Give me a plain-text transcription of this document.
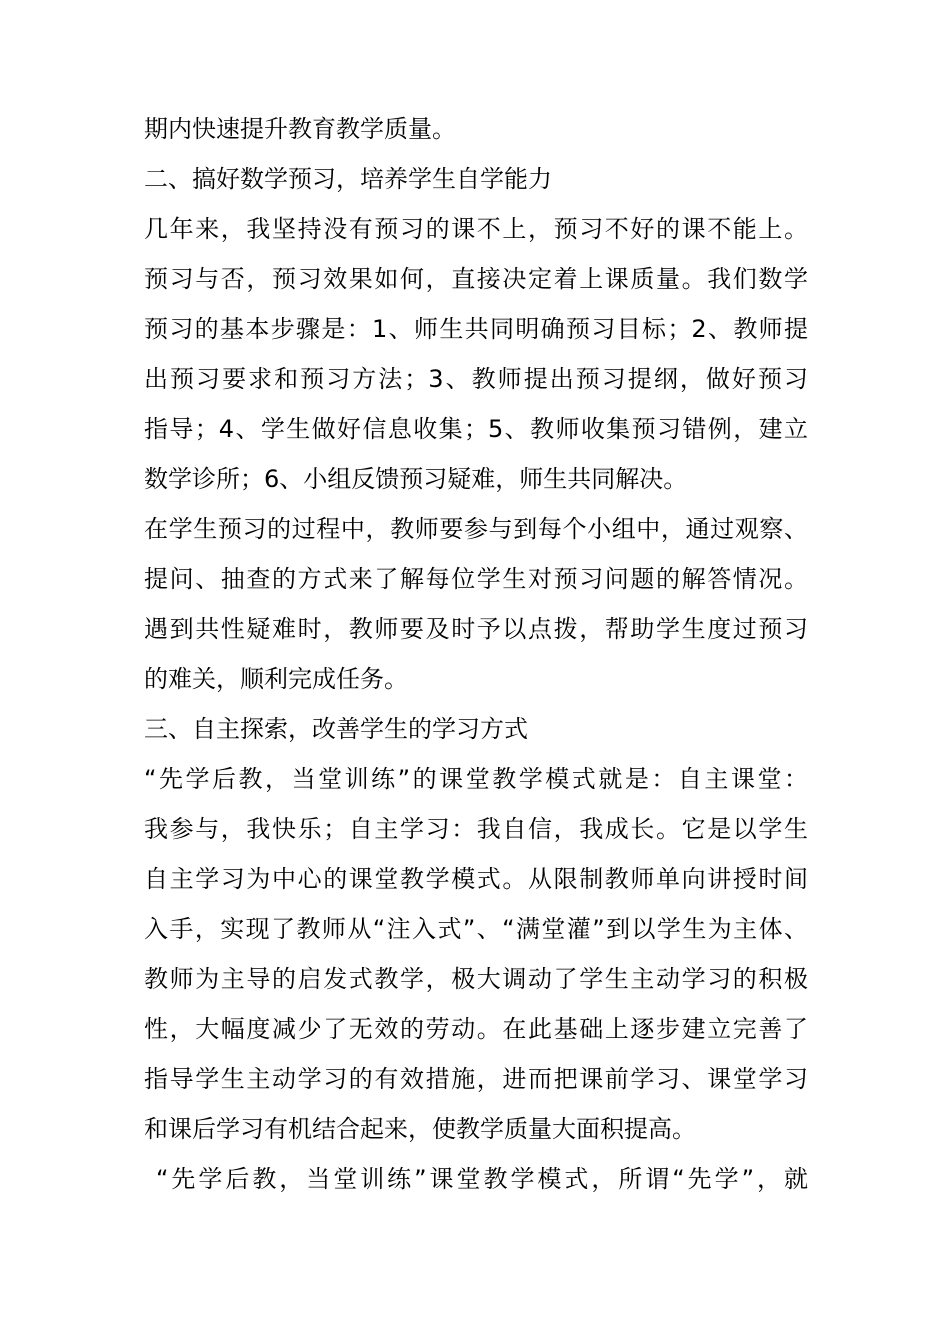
期内快速提升教育教学质量。
二、搞好数学预习，培养学生自学能力
几年来，我坚持没有预习的课不上，预习不好的课不能上。
预习与否，预习效果如何，直接决定着上课质量。我们数学
预习的基本步骤是：1、师生共同明确预习目标；2、教师提
出预习要求和预习方法；3、教师提出预习提纲，做好预习
指导；4、学生做好信息收集；5、教师收集预习错例，建立
数学诊所；6、小组反馈预习疑难，师生共同解决。
在学生预习的过程中，教师要参与到每个小组中，通过观察、
提问、抽查的方式来了解每位学生对预习问题的解答情况。
遇到共性疑难时，教师要及时予以点拨，帮助学生度过预习
的难关，顺利完成任务。
三、自主探索，改善学生的学习方式
“先学后教，当堂训练”的课堂教学模式就是：自主课堂：
我参与，我快乐；自主学习：我自信，我成长。它是以学生
自主学习为中心的课堂教学模式。从限制教师单向讲授时间
入手，实现了教师从“注入式”、“满堂灌”到以学生为主体、
教师为主导的启发式教学，极大调动了学生主动学习的积极
性，大幅度减少了无效的劳动。在此基础上逐步建立完善了
指导学生主动学习的有效措施，进而把课前学习、课堂学习
和课后学习有机结合起来，使教学质量大面积提高。
“先学后教，当堂训练”课堂教学模式，所谓“先学”，就
